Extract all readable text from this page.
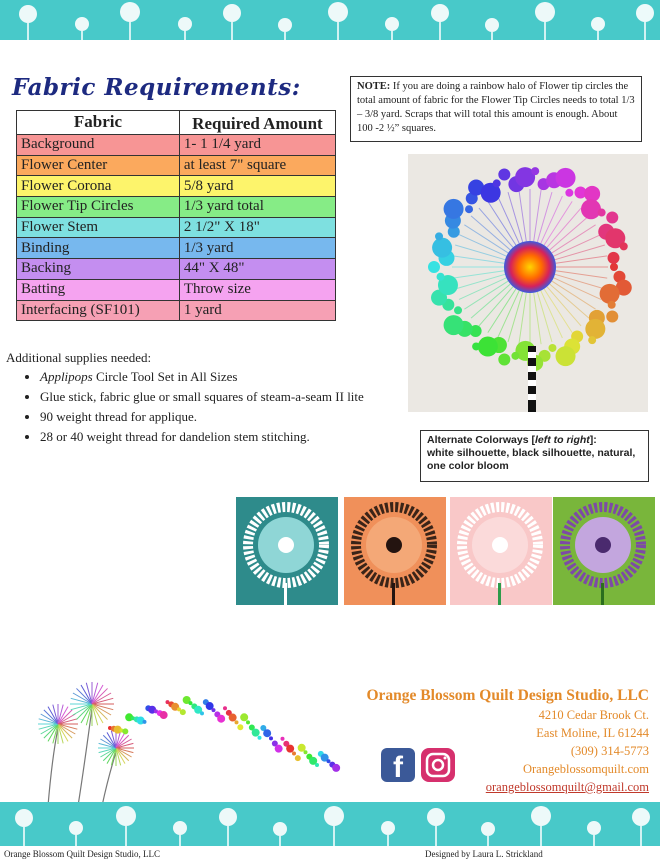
Fabric Requirements:
Fabric	Required Amount
Background	1- 1 1/4 yard
Flower Center	at least 7" square
Flower Corona	5/8 yard
Flower Tip Circles	1/3 yard total
Flower Stem	2 1/2" X 18"
Binding	1/3 yard
Backing	44" X 48"
Batting	Throw size
Interfacing (SF101)	1 yard
Additional supplies needed:
• Applipops Circle Tool Set in All Sizes
• Glue stick, fabric glue or small squares of steam-a-seam II lite
• 90 weight thread for applique.
• 28 or 40 weight thread for dandelion stem stitching.
NOTE: If you are doing a rainbow halo of Flower tip circles the total amount of fabric for the Flower Tip Circles needs to total 1/3 – 3/8 yard. Scraps that will total this amount is enough. About 100 -2 ½” squares.
Alternate Colorways [left to right]:
white silhouette, black silhouette, natural, one color bloom
Orange Blossom Quilt Design Studio, LLC
4210 Cedar Brook Ct.
East Moline, IL 61244
(309) 314-5773
Orangeblossomquilt.com
orangeblossomquilt@gmail.com
f
Orange Blossom Quilt Design Studio, LLC	Designed by Laura L. Strickland
